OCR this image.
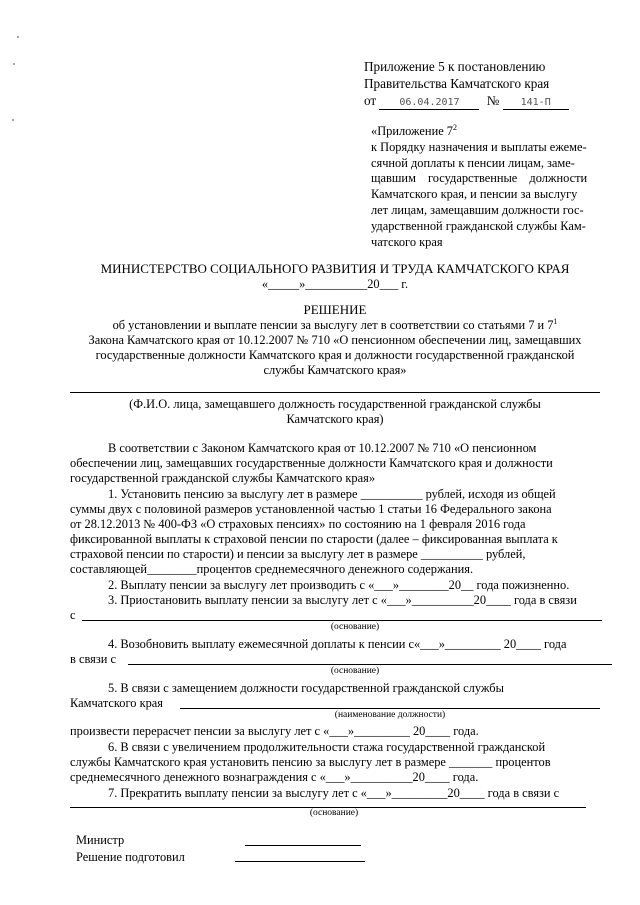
Приложение 5 к постановлению
Правительства Камчатского края
от 06.04.2017 № 141-П
«Приложение $7^2$
к Порядку назначения и выплаты ежеме-
сячной доплаты к пенсии лицам, заме-
щавшим государственные должности
Камчатского края, и пенсии за выслугу
лет лицам, замещавшим должности гос-
ударственной гражданской службы Кам-
чатского края
МИНИСТЕРСТВО СОЦИАЛЬНОГО РАЗВИТИЯ И ТРУДА КАМЧАТСКОГО КРАЯ
«_____»__________20___ г.
РЕШЕНИЕ
об установлении и выплате пенсии за выслугу лет в соответствии со статьями 7 и $7^1$
Закона Камчатского края от 10.12.2007 № 710 «О пенсионном обеспечении лиц, замещавших
государственные должности Камчатского края и должности государственной гражданской
службы Камчатского края»
(Ф.И.О. лица, замещавшего должность государственной гражданской службы
Камчатского края)
В соответствии с Законом Камчатского края от 10.12.2007 № 710 «О пенсионном
обеспечении лиц, замещавших государственные должности Камчатского края и должности
государственной гражданской службы Камчатского края»
1. Установить пенсию за выслугу лет в размере __________ рублей, исходя из общей
суммы двух с половиной размеров установленной частью 1 статьи 16 Федерального закона
от 28.12.2013 № 400-ФЗ «О страховых пенсиях» по состоянию на 1 февраля 2016 года
фиксированной выплаты к страховой пенсии по старости (далее – фиксированная выплата к
страховой пенсии по старости) и пенсии за выслугу лет в размере __________ рублей,
составляющей________процентов среднемесячного денежного содержания.
2. Выплату пенсии за выслугу лет производить с «___»________20__ года пожизненно.
3. Приостановить выплату пенсии за выслугу лет с «___»__________20____ года в связи
с
(основание)
4. Возобновить выплату ежемесячной доплаты к пенсии с«___»_________ 20____ года
в связи с
(основание)
5. В связи с замещением должности государственной гражданской службы
Камчатского края
(наименование должности)
произвести перерасчет пенсии за выслугу лет с «___»_________ 20____ года.
6. В связи с увеличением продолжительности стажа государственной гражданской
службы Камчатского края установить пенсию за выслугу лет в размере _______ процентов
среднемесячного денежного вознаграждения с «___»__________20____ года.
7. Прекратить выплату пенсии за выслугу лет с «___»_________20____ года в связи с
(основание)
Министр
Решение подготовил
